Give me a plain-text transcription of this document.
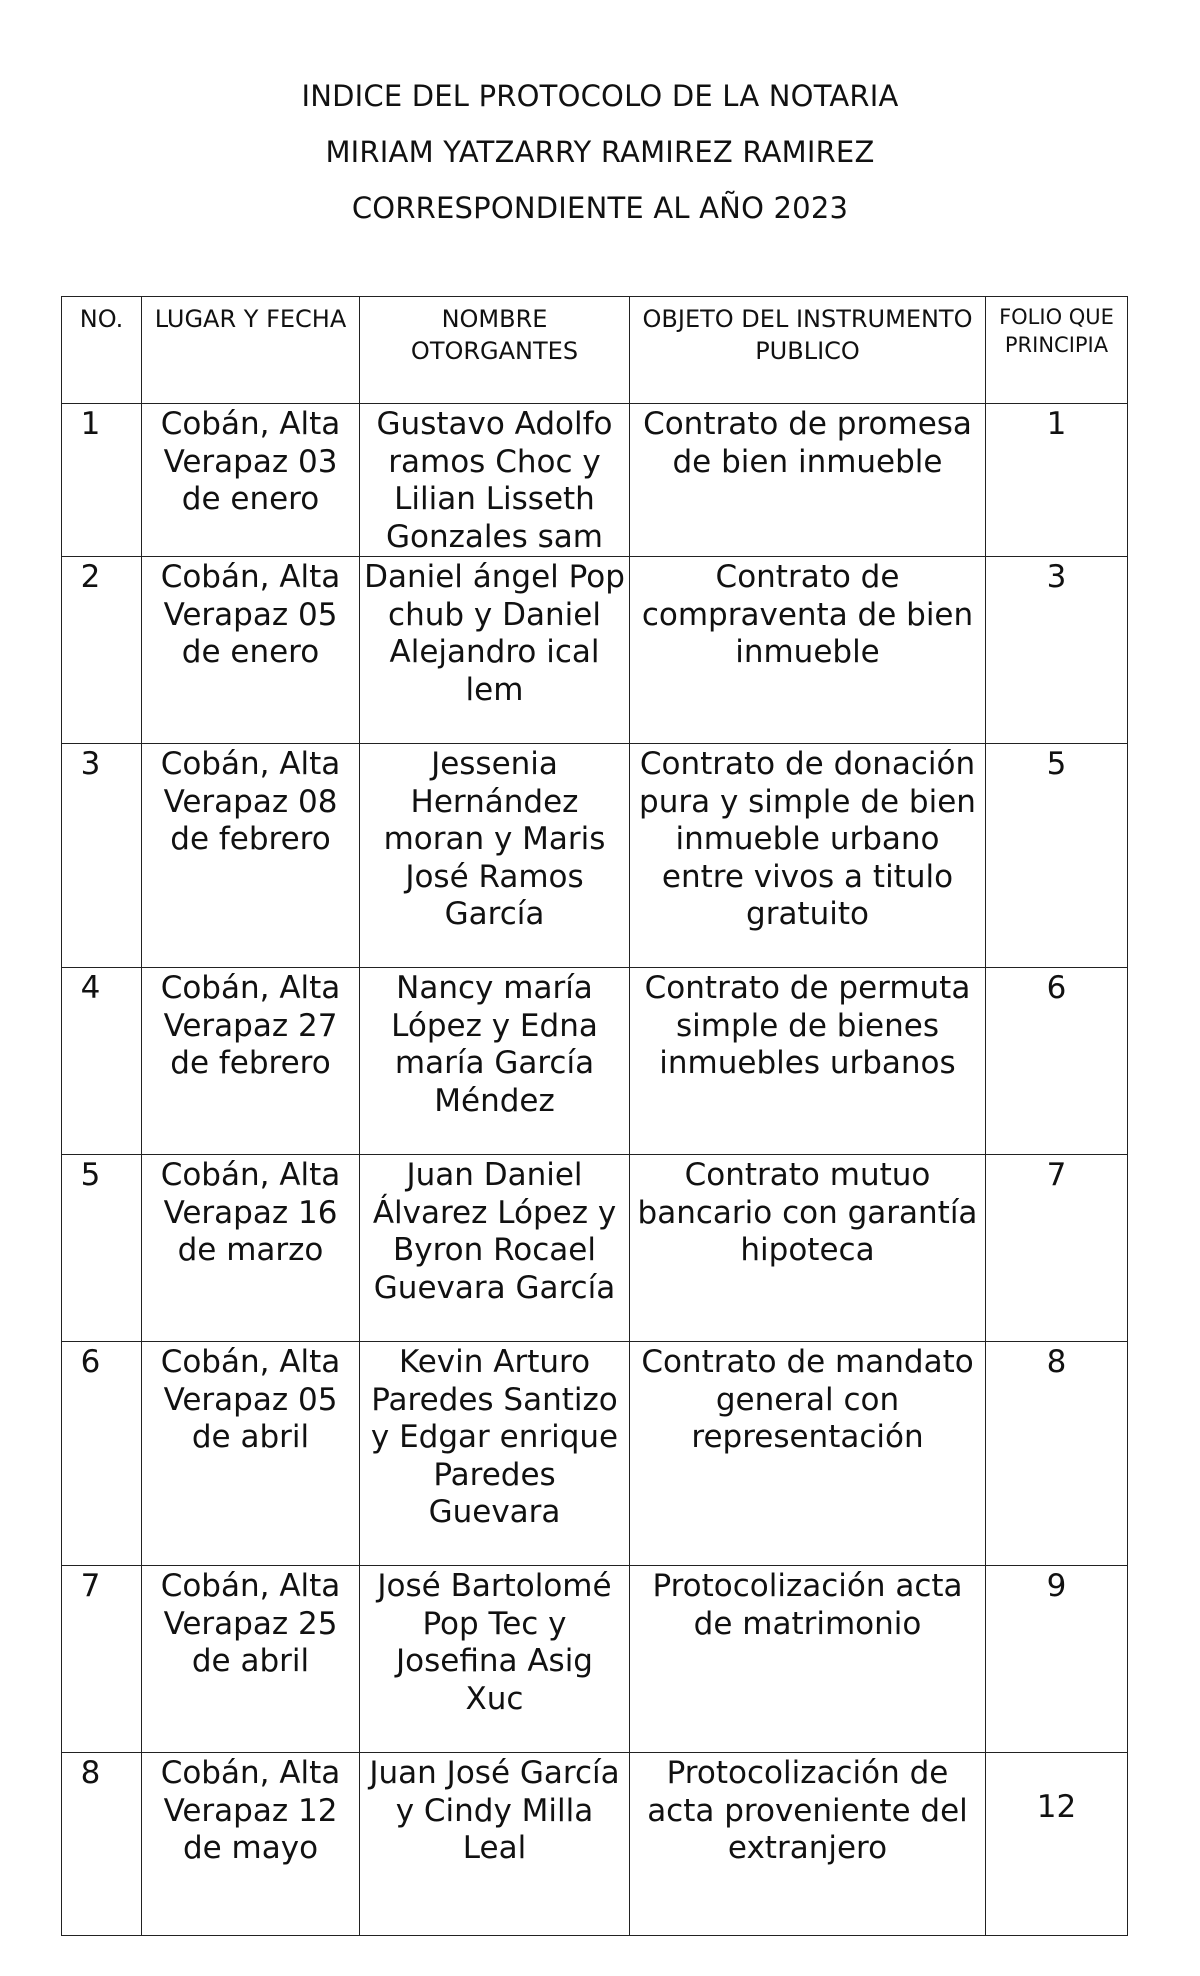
INDICE DEL PROTOCOLO DE LA NOTARIA
MIRIAM YATZARRY RAMIREZ RAMIREZ
CORRESPONDIENTE AL AÑO 2023
NO.	LUGAR Y FECHA	NOMBRE OTORGANTES	OBJETO DEL INSTRUMENTO PUBLICO	FOLIO QUE PRINCIPIA
1	Cobán, Alta Verapaz 03 de enero	Gustavo Adolfo ramos Choc y Lilian Lisseth Gonzales sam	Contrato de promesa de bien inmueble	1
2	Cobán, Alta Verapaz 05 de enero	Daniel ángel Pop chub y Daniel Alejandro ical lem	Contrato de compraventa de bien inmueble	3
3	Cobán, Alta Verapaz 08 de febrero	Jessenia Hernández moran y Maris José Ramos García	Contrato de donación pura y simple de bien inmueble urbano entre vivos a titulo gratuito	5
4	Cobán, Alta Verapaz 27 de febrero	Nancy maría López y Edna maría García Méndez	Contrato de permuta simple de bienes inmuebles urbanos	6
5	Cobán, Alta Verapaz 16 de marzo	Juan Daniel Álvarez López y Byron Rocael Guevara García	Contrato mutuo bancario con garantía hipoteca	7
6	Cobán, Alta Verapaz 05 de abril	Kevin Arturo Paredes Santizo y Edgar enrique Paredes Guevara	Contrato de mandato general con representación	8
7	Cobán, Alta Verapaz 25 de abril	José Bartolomé Pop Tec y Josefina Asig Xuc	Protocolización acta de matrimonio	9
8	Cobán, Alta Verapaz 12 de mayo	Juan José García y Cindy Milla Leal	Protocolización de acta proveniente del extranjero	12
